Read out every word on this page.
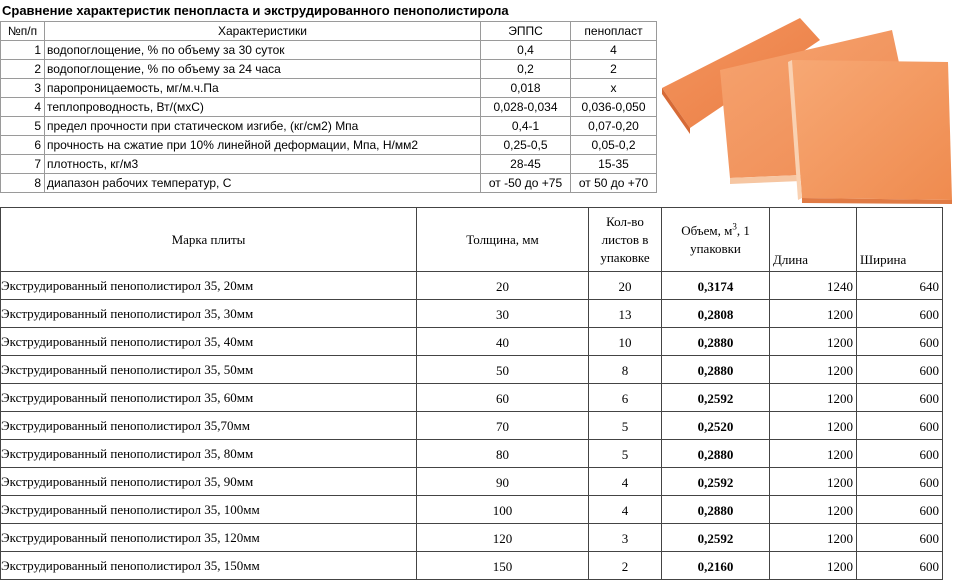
Сравнение характеристик пенопласта и экструдированного пенополистирола
№п/п	Характеристики	ЭППС	пенопласт
1	водопоглощение, % по объему за 30 суток	0,4	4
2	водопоглощение, % по объему за 24 часа	0,2	2
3	паропроницаемость, мг/м.ч.Па	0,018	х
4	теплопроводность, Вт/(мхС)	0,028-0,034	0,036-0,050
5	предел прочности при статическом изгибе, (кг/см2) Мпа	0,4-1	0,07-0,20
6	прочность на сжатие при 10% линейной деформации, Мпа, Н/мм2	0,25-0,5	0,05-0,2
7	плотность, кг/м3	28-45	15-35
8	диапазон рабочих температур, С	от -50 до +75	от 50 до +70
Марка плиты	Толщина, мм	Кол-во листов в упаковке	Объем, $м^3$, 1 упаковки	Длина	Ширина
Экструдированный пенополистирол 35, 20мм	20	20	0,3174	1240	640
Экструдированный пенополистирол 35, 30мм	30	13	0,2808	1200	600
Экструдированный пенополистирол 35, 40мм	40	10	0,2880	1200	600
Экструдированный пенополистирол 35, 50мм	50	8	0,2880	1200	600
Экструдированный пенополистирол 35, 60мм	60	6	0,2592	1200	600
Экструдированный пенополистирол 35,70мм	70	5	0,2520	1200	600
Экструдированный пенополистирол 35, 80мм	80	5	0,2880	1200	600
Экструдированный пенополистирол 35, 90мм	90	4	0,2592	1200	600
Экструдированный пенополистирол 35, 100мм	100	4	0,2880	1200	600
Экструдированный пенополистирол 35, 120мм	120	3	0,2592	1200	600
Экструдированный пенополистирол 35, 150мм	150	2	0,2160	1200	600
